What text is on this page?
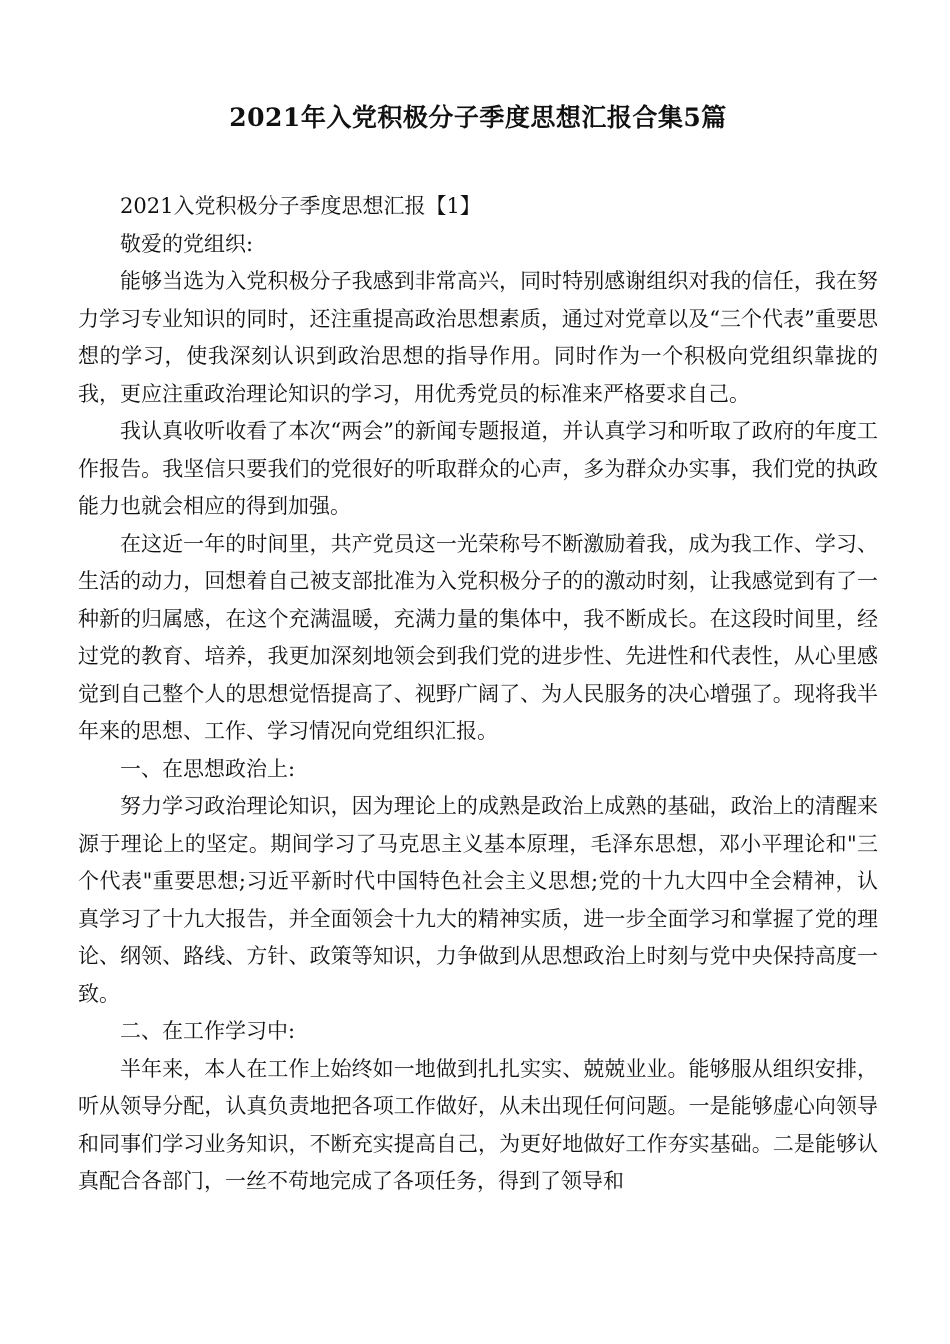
2021年入党积极分子季度思想汇报合集5篇

2021入党积极分子季度思想汇报【1】

敬爱的党组织:

能够当选为入党积极分子我感到非常高兴，同时特别感谢组织对我的信任，我在努力学习专业知识的同时，还注重提高政治思想素质，通过对党章以及“三个代表”重要思想的学习，使我深刻认识到政治思想的指导作用。同时作为一个积极向党组织靠拢的我，更应注重政治理论知识的学习，用优秀党员的标准来严格要求自己。

我认真收听收看了本次“两会”的新闻专题报道，并认真学习和听取了政府的年度工作报告。我坚信只要我们的党很好的听取群众的心声，多为群众办实事，我们党的执政能力也就会相应的得到加强。

在这近一年的时间里，共产党员这一光荣称号不断激励着我，成为我工作、学习、生活的动力，回想着自己被支部批准为入党积极分子的的激动时刻，让我感觉到有了一种新的归属感，在这个充满温暖，充满力量的集体中，我不断成长。在这段时间里，经过党的教育、培养，我更加深刻地领会到我们党的进步性、先进性和代表性，从心里感觉到自己整个人的思想觉悟提高了、视野广阔了、为人民服务的决心增强了。现将我半年来的思想、工作、学习情况向党组织汇报。

一、在思想政治上:

努力学习政治理论知识，因为理论上的成熟是政治上成熟的基础，政治上的清醒来源于理论上的坚定。期间学习了马克思主义基本原理，毛泽东思想，邓小平理论和"三个代表"重要思想;习近平新时代中国特色社会主义思想;党的十九大四中全会精神，认真学习了十九大报告，并全面领会十九大的精神实质，进一步全面学习和掌握了党的理论、纲领、路线、方针、政策等知识，力争做到从思想政治上时刻与党中央保持高度一致。

二、在工作学习中:

半年来，本人在工作上始终如一地做到扎扎实实、兢兢业业。能够服从组织安排，听从领导分配，认真负责地把各项工作做好，从未出现任何问题。一是能够虚心向领导和同事们学习业务知识，不断充实提高自己，为更好地做好工作夯实基础。二是能够认真配合各部门，一丝不苟地完成了各项任务，得到了领导和
